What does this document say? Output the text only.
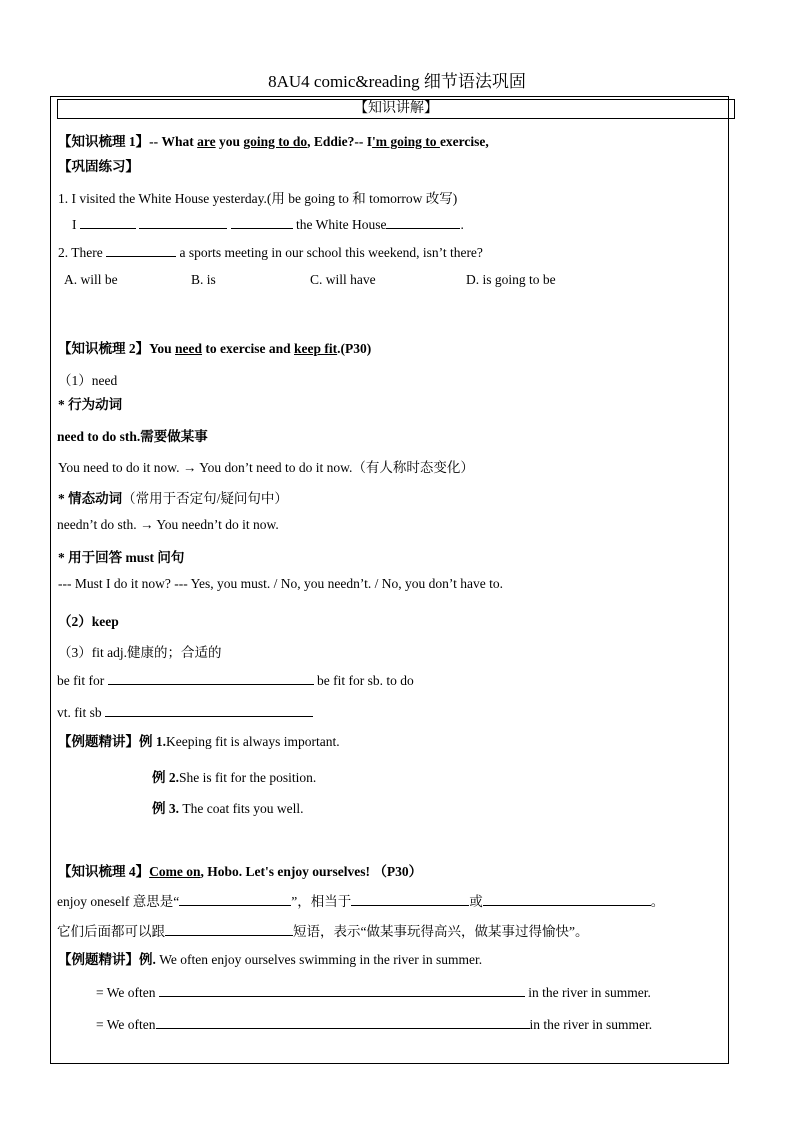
8AU4 comic&reading 细节语法巩固
【知识讲解】
【知识梳理 1】-- What are you going to do, Eddie?-- I'm going to exercise,
【巩固练习】
1. I visited the White House yesterday.(用 be going to 和 tomorrow 改写)
I	the White House	.
2. There	a sports meeting in our school this weekend, isn’t there?
A. will be	B. is	C. will have	D. is going to be
【知识梳理 2】You need to exercise and keep fit.(P30)
（1）need
* 行为动词
need to do sth.需要做某事
You need to do it now. → You don’t need to do it now.（有人称时态变化）
* 情态动词（常用于否定句/疑问句中）
needn’t do sth. → You needn’t do it now.
* 用于回答 must 问句
--- Must I do it now? --- Yes, you must. / No, you needn’t. / No, you don’t have to.
（2）keep
（3）fit adj.健康的；合适的
be fit for	be fit for sb. to do
vt. fit sb
【例题精讲】例 1.Keeping fit is always important.
例 2.She is fit for the position.
例 3. The coat fits you well.
【知识梳理 4】Come on, Hobo. Let's enjoy ourselves! （P30）
enjoy oneself 意思是“	”，相当于	或	。
它们后面都可以跟	短语，表示“做某事玩得高兴，做某事过得愉快”。
【例题精讲】例. We often enjoy ourselves swimming in the river in summer.
= We often	in the river in summer.
= We often	in the river in summer.
